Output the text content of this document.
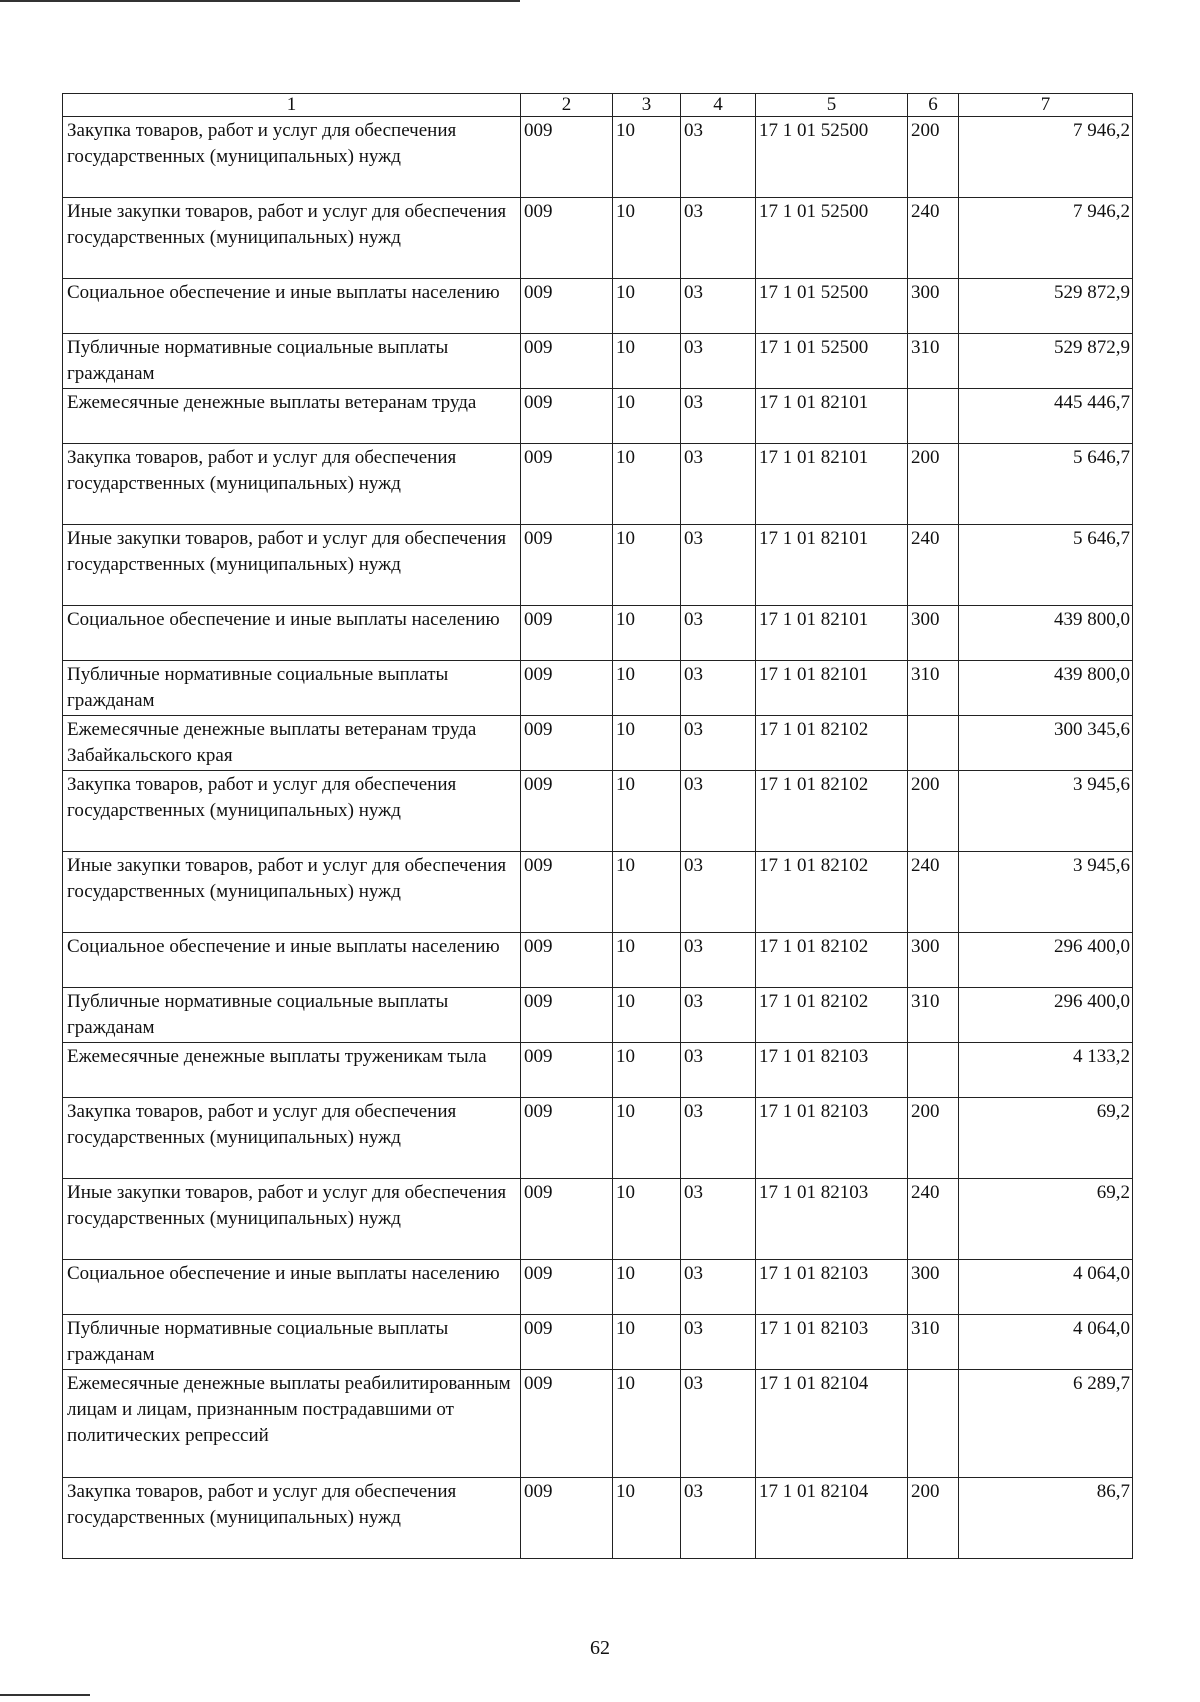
1	2	3	4	5	6	7
Закупка товаров, работ и услуг для обеспечения государственных (муниципальных) нужд	009	10	03	17 1 01 52500	200	7 946,2
Иные закупки товаров, работ и услуг для обеспечения государственных (муниципальных) нужд	009	10	03	17 1 01 52500	240	7 946,2
Социальное обеспечение и иные выплаты населению	009	10	03	17 1 01 52500	300	529 872,9
Публичные нормативные социальные выплаты гражданам	009	10	03	17 1 01 52500	310	529 872,9
Ежемесячные денежные выплаты ветеранам труда	009	10	03	17 1 01 82101		445 446,7
Закупка товаров, работ и услуг для обеспечения государственных (муниципальных) нужд	009	10	03	17 1 01 82101	200	5 646,7
Иные закупки товаров, работ и услуг для обеспечения государственных (муниципальных) нужд	009	10	03	17 1 01 82101	240	5 646,7
Социальное обеспечение и иные выплаты населению	009	10	03	17 1 01 82101	300	439 800,0
Публичные нормативные социальные выплаты гражданам	009	10	03	17 1 01 82101	310	439 800,0
Ежемесячные денежные выплаты ветеранам труда Забайкальского края	009	10	03	17 1 01 82102		300 345,6
Закупка товаров, работ и услуг для обеспечения государственных (муниципальных) нужд	009	10	03	17 1 01 82102	200	3 945,6
Иные закупки товаров, работ и услуг для обеспечения государственных (муниципальных) нужд	009	10	03	17 1 01 82102	240	3 945,6
Социальное обеспечение и иные выплаты населению	009	10	03	17 1 01 82102	300	296 400,0
Публичные нормативные социальные выплаты гражданам	009	10	03	17 1 01 82102	310	296 400,0
Ежемесячные денежные выплаты труженикам тыла	009	10	03	17 1 01 82103		4 133,2
Закупка товаров, работ и услуг для обеспечения государственных (муниципальных) нужд	009	10	03	17 1 01 82103	200	69,2
Иные закупки товаров, работ и услуг для обеспечения государственных (муниципальных) нужд	009	10	03	17 1 01 82103	240	69,2
Социальное обеспечение и иные выплаты населению	009	10	03	17 1 01 82103	300	4 064,0
Публичные нормативные социальные выплаты гражданам	009	10	03	17 1 01 82103	310	4 064,0
Ежемесячные денежные выплаты реабилитированным лицам и лицам, признанным пострадавшими от политических репрессий	009	10	03	17 1 01 82104		6 289,7
Закупка товаров, работ и услуг для обеспечения государственных (муниципальных) нужд	009	10	03	17 1 01 82104	200	86,7
62
